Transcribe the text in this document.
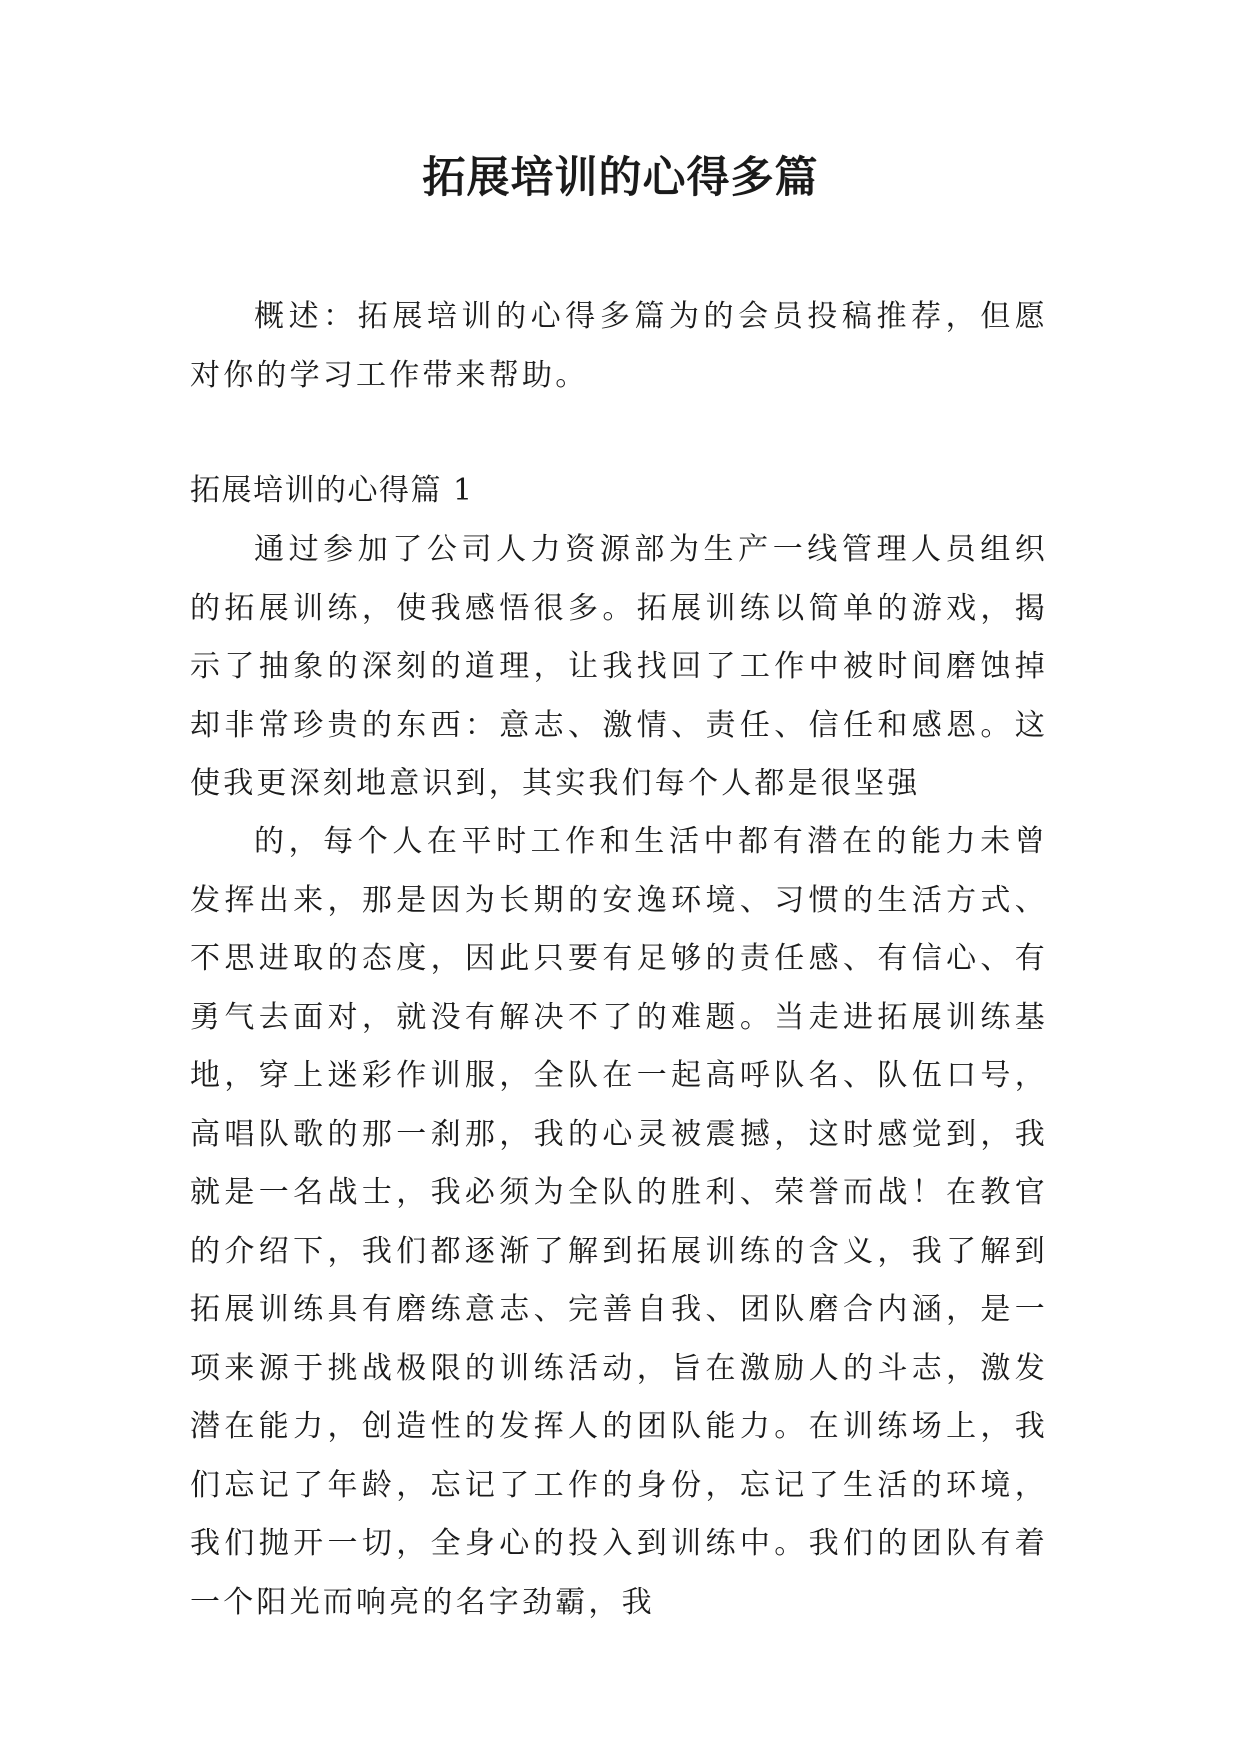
拓展培训的心得多篇

概述：拓展培训的心得多篇为的会员投稿推荐，但愿对你的学习工作带来帮助。

拓展培训的心得篇 1

通过参加了公司人力资源部为生产一线管理人员组织的拓展训练，使我感悟很多。拓展训练以简单的游戏，揭示了抽象的深刻的道理，让我找回了工作中被时间磨蚀掉却非常珍贵的东西：意志、激情、责任、信任和感恩。这使我更深刻地意识到，其实我们每个人都是很坚强

的，每个人在平时工作和生活中都有潜在的能力未曾发挥出来，那是因为长期的安逸环境、习惯的生活方式、不思进取的态度，因此只要有足够的责任感、有信心、有勇气去面对，就没有解决不了的难题。当走进拓展训练基地，穿上迷彩作训服，全队在一起高呼队名、队伍口号，高唱队歌的那一刹那，我的心灵被震撼，这时感觉到，我就是一名战士，我必须为全队的胜利、荣誉而战！在教官的介绍下，我们都逐渐了解到拓展训练的含义，我了解到拓展训练具有磨练意志、完善自我、团队磨合内涵，是一项来源于挑战极限的训练活动，旨在激励人的斗志，激发潜在能力，创造性的发挥人的团队能力。在训练场上，我们忘记了年龄，忘记了工作的身份，忘记了生活的环境，我们抛开一切，全身心的投入到训练中。我们的团队有着一个阳光而响亮的名字劲霸，我
